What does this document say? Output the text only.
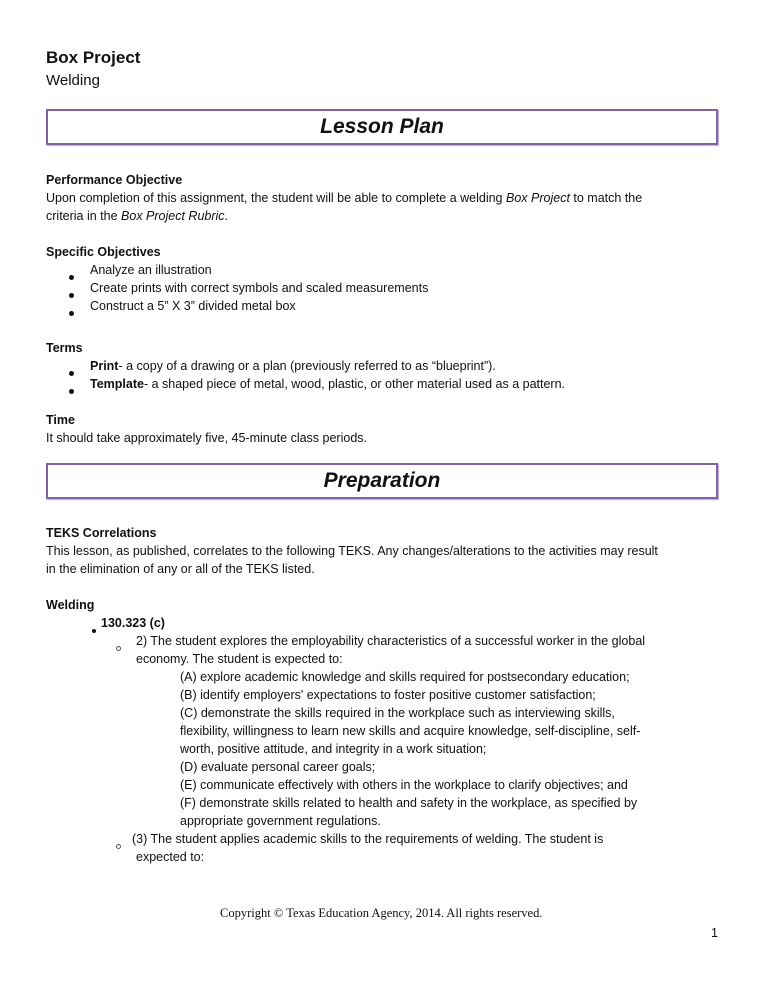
Box Project
Welding
Lesson Plan
Performance Objective
Upon completion of this assignment, the student will be able to complete a welding Box Project to match the
criteria in the Box Project Rubric.
Specific Objectives
Analyze an illustration
Create prints with correct symbols and scaled measurements
Construct a 5” X 3” divided metal box
Terms
Print- a copy of a drawing or a plan (previously referred to as “blueprint”).
Template- a shaped piece of metal, wood, plastic, or other material used as a pattern.
Time
It should take approximately five, 45-minute class periods.
Preparation
TEKS Correlations
This lesson, as published, correlates to the following TEKS. Any changes/alterations to the activities may result
in the elimination of any or all of the TEKS listed.
Welding
130.323 (c)
2) The student explores the employability characteristics of a successful worker in the global
economy. The student is expected to:
(A) explore academic knowledge and skills required for postsecondary education;
(B) identify employers' expectations to foster positive customer satisfaction;
(C) demonstrate the skills required in the workplace such as interviewing skills,
flexibility, willingness to learn new skills and acquire knowledge, self-discipline, self-
worth, positive attitude, and integrity in a work situation;
(D) evaluate personal career goals;
(E) communicate effectively with others in the workplace to clarify objectives; and
(F) demonstrate skills related to health and safety in the workplace, as specified by
appropriate government regulations.
(3) The student applies academic skills to the requirements of welding. The student is
expected to:
Copyright © Texas Education Agency, 2014. All rights reserved.
1
